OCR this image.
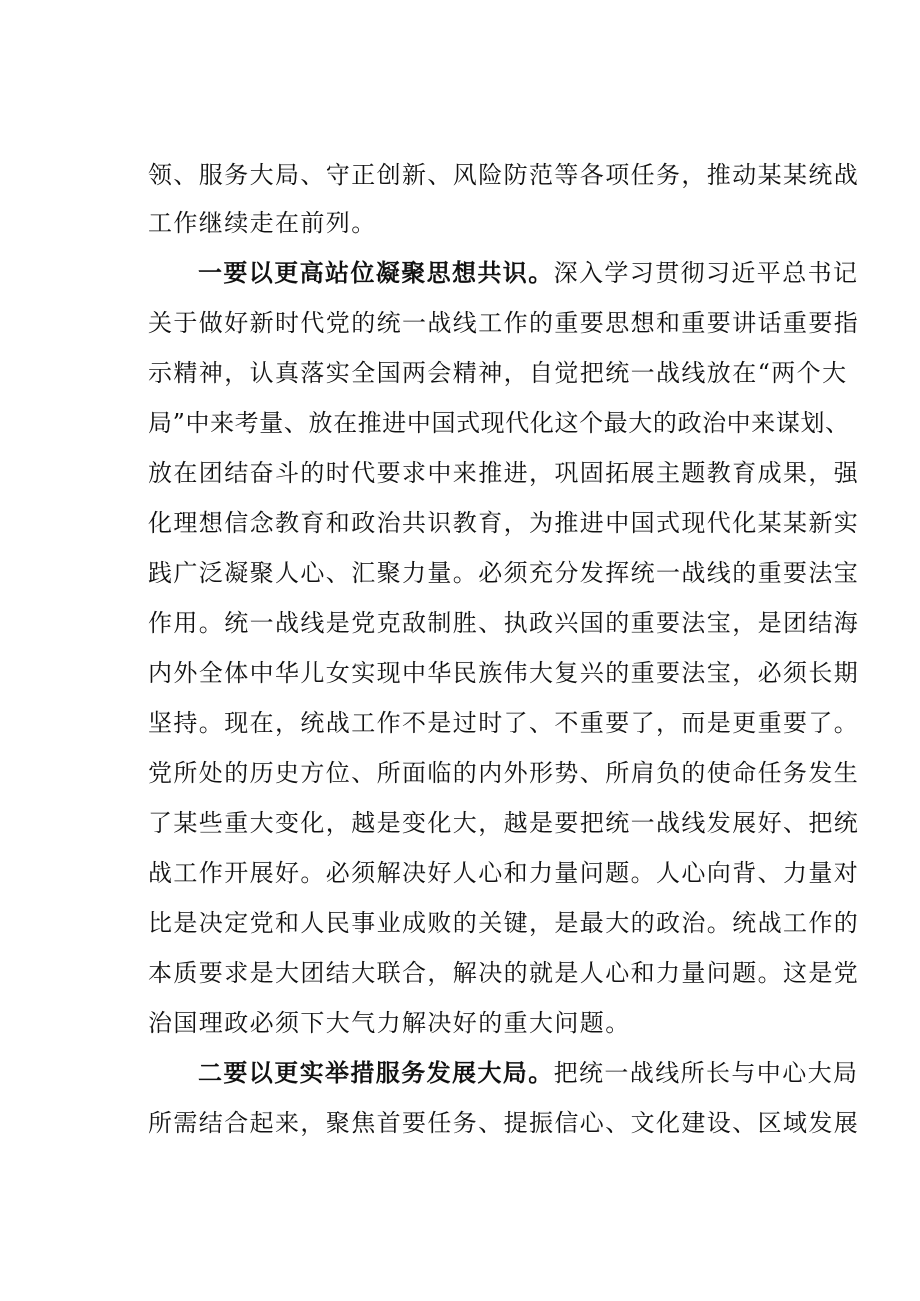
领、服务大局、守正创新、风险防范等各项任务，推动某某统战
工作继续走在前列。
一要以更高站位凝聚思想共识。深入学习贯彻习近平总书记
关于做好新时代党的统一战线工作的重要思想和重要讲话重要指
示精神，认真落实全国两会精神，自觉把统一战线放在“两个大
局”中来考量、放在推进中国式现代化这个最大的政治中来谋划、
放在团结奋斗的时代要求中来推进，巩固拓展主题教育成果，强
化理想信念教育和政治共识教育，为推进中国式现代化某某新实
践广泛凝聚人心、汇聚力量。必须充分发挥统一战线的重要法宝
作用。统一战线是党克敌制胜、执政兴国的重要法宝，是团结海
内外全体中华儿女实现中华民族伟大复兴的重要法宝，必须长期
坚持。现在，统战工作不是过时了、不重要了，而是更重要了。
党所处的历史方位、所面临的内外形势、所肩负的使命任务发生
了某些重大变化，越是变化大，越是要把统一战线发展好、把统
战工作开展好。必须解决好人心和力量问题。人心向背、力量对
比是决定党和人民事业成败的关键，是最大的政治。统战工作的
本质要求是大团结大联合，解决的就是人心和力量问题。这是党
治国理政必须下大气力解决好的重大问题。
二要以更实举措服务发展大局。把统一战线所长与中心大局
所需结合起来，聚焦首要任务、提振信心、文化建设、区域发展
